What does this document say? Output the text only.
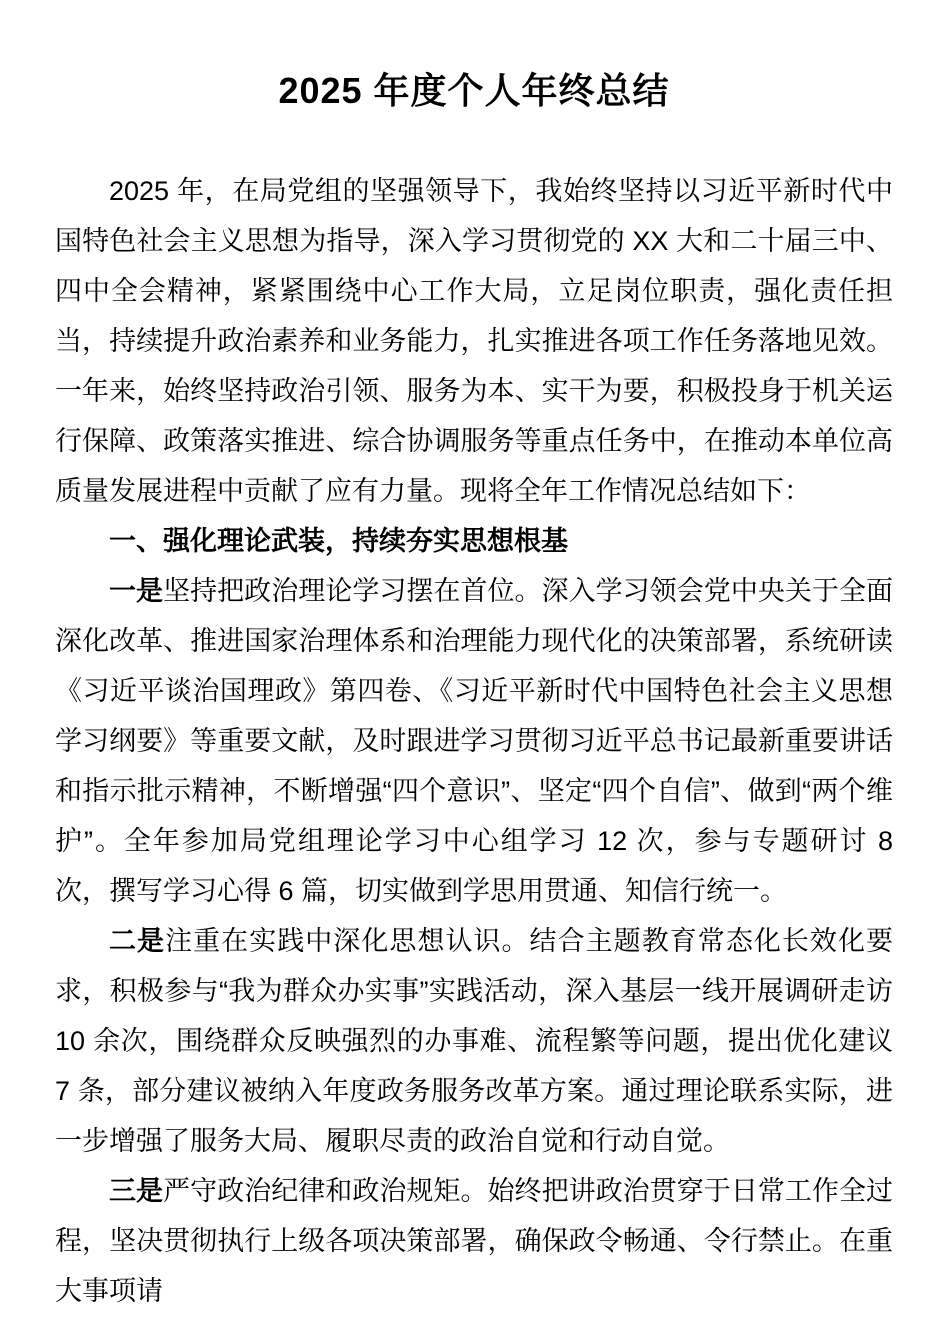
2025 年度个人年终总结

2025 年，在局党组的坚强领导下，我始终坚持以习近平新时代中国特色社会主义思想为指导，深入学习贯彻党的 XX 大和二十届三中、四中全会精神，紧紧围绕中心工作大局，立足岗位职责，强化责任担当，持续提升政治素养和业务能力，扎实推进各项工作任务落地见效。一年来，始终坚持政治引领、服务为本、实干为要，积极投身于机关运行保障、政策落实推进、综合协调服务等重点任务中，在推动本单位高质量发展进程中贡献了应有力量。现将全年工作情况总结如下：

一、强化理论武装，持续夯实思想根基

一是坚持把政治理论学习摆在首位。深入学习领会党中央关于全面深化改革、推进国家治理体系和治理能力现代化的决策部署，系统研读《习近平谈治国理政》第四卷、《习近平新时代中国特色社会主义思想学习纲要》等重要文献，及时跟进学习贯彻习近平总书记最新重要讲话和指示批示精神，不断增强“四个意识”、坚定“四个自信”、做到“两个维护”。全年参加局党组理论学习中心组学习 12 次，参与专题研讨 8 次，撰写学习心得 6 篇，切实做到学思用贯通、知信行统一。

二是注重在实践中深化思想认识。结合主题教育常态化长效化要求，积极参与“我为群众办实事”实践活动，深入基层一线开展调研走访 10 余次，围绕群众反映强烈的办事难、流程繁等问题，提出优化建议 7 条，部分建议被纳入年度政务服务改革方案。通过理论联系实际，进一步增强了服务大局、履职尽责的政治自觉和行动自觉。

三是严守政治纪律和政治规矩。始终把讲政治贯穿于日常工作全过程，坚决贯彻执行上级各项决策部署，确保政令畅通、令行禁止。在重大事项请
